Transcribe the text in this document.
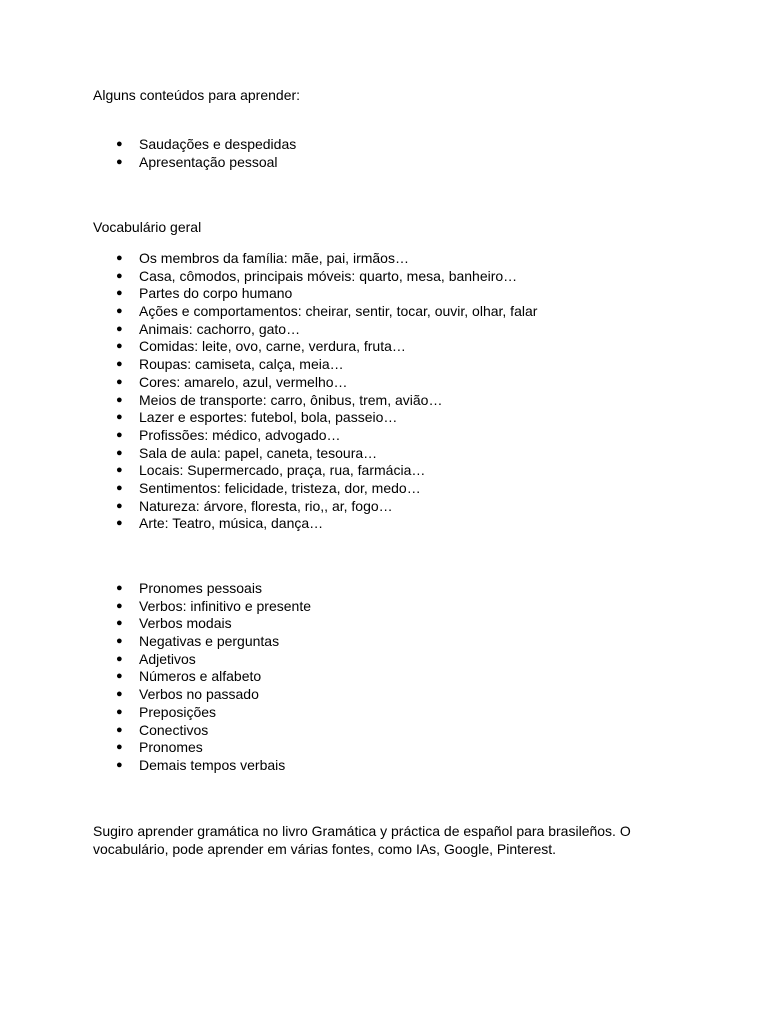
Alguns conteúdos para aprender:

● Saudações e despedidas
● Apresentação pessoal

Vocabulário geral

● Os membros da família: mãe, pai, irmãos…
● Casa, cômodos, principais móveis: quarto, mesa, banheiro…
● Partes do corpo humano
● Ações e comportamentos: cheirar, sentir, tocar, ouvir, olhar, falar
● Animais: cachorro, gato…
● Comidas: leite, ovo, carne, verdura, fruta…
● Roupas: camiseta, calça, meia…
● Cores: amarelo, azul, vermelho…
● Meios de transporte: carro, ônibus, trem, avião…
● Lazer e esportes: futebol, bola, passeio…
● Profissões: médico, advogado…
● Sala de aula: papel, caneta, tesoura…
● Locais: Supermercado, praça, rua, farmácia…
● Sentimentos: felicidade, tristeza, dor, medo…
● Natureza: árvore, floresta, rio,, ar, fogo…
● Arte: Teatro, música, dança…
● Pronomes pessoais
● Verbos: infinitivo e presente
● Verbos modais
● Negativas e perguntas
● Adjetivos
● Números e alfabeto
● Verbos no passado
● Preposições
● Conectivos
● Pronomes
● Demais tempos verbais

Sugiro aprender gramática no livro Gramática y práctica de español para brasileños. O vocabulário, pode aprender em várias fontes, como IAs, Google, Pinterest.
